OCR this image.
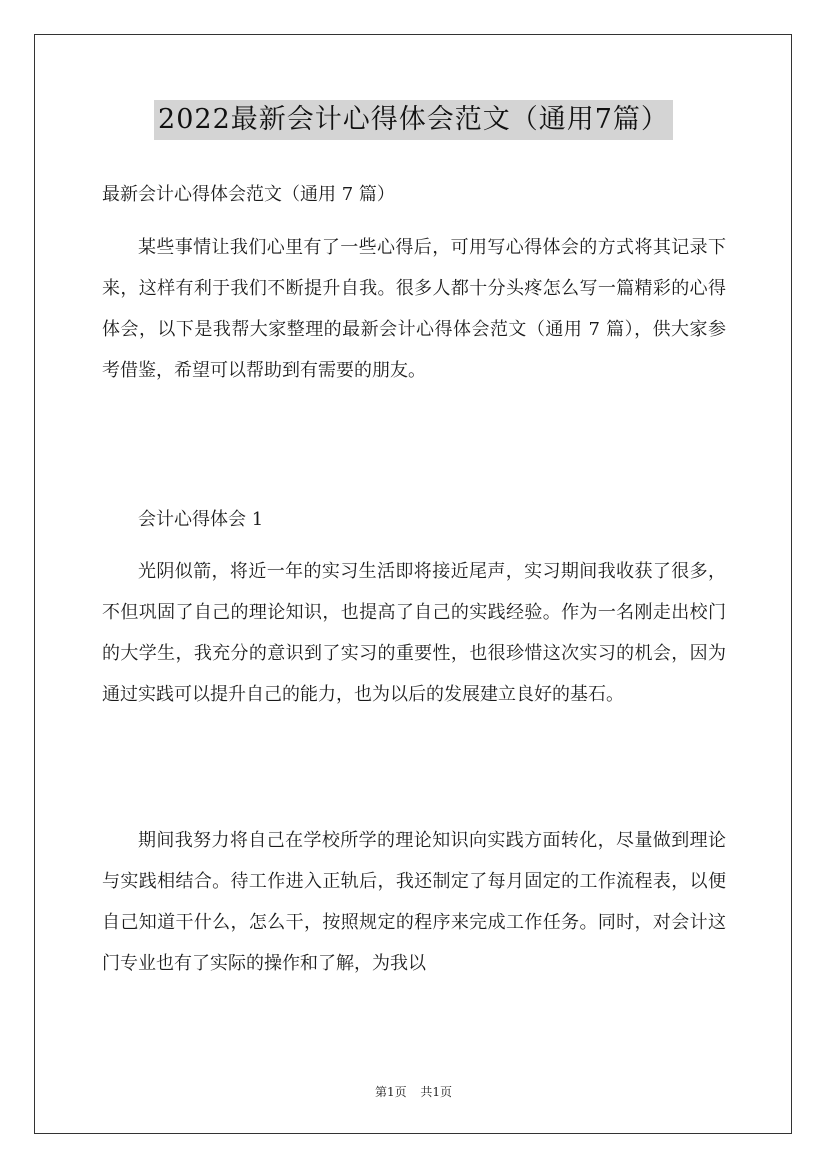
2022最新会计心得体会范文（通用7篇）

最新会计心得体会范文（通用 7 篇）

某些事情让我们心里有了一些心得后，可用写心得体会的方式将其记录下来，这样有利于我们不断提升自我。很多人都十分头疼怎么写一篇精彩的心得体会，以下是我帮大家整理的最新会计心得体会范文（通用 7 篇），供大家参考借鉴，希望可以帮助到有需要的朋友。

会计心得体会 1

光阴似箭，将近一年的实习生活即将接近尾声，实习期间我收获了很多，不但巩固了自己的理论知识，也提高了自己的实践经验。作为一名刚走出校门的大学生，我充分的意识到了实习的重要性，也很珍惜这次实习的机会，因为通过实践可以提升自己的能力，也为以后的发展建立良好的基石。

期间我努力将自己在学校所学的理论知识向实践方面转化，尽量做到理论与实践相结合。待工作进入正轨后，我还制定了每月固定的工作流程表，以便自己知道干什么，怎么干，按照规定的程序来完成工作任务。同时，对会计这门专业也有了实际的操作和了解，为我以

第1页 共1页
